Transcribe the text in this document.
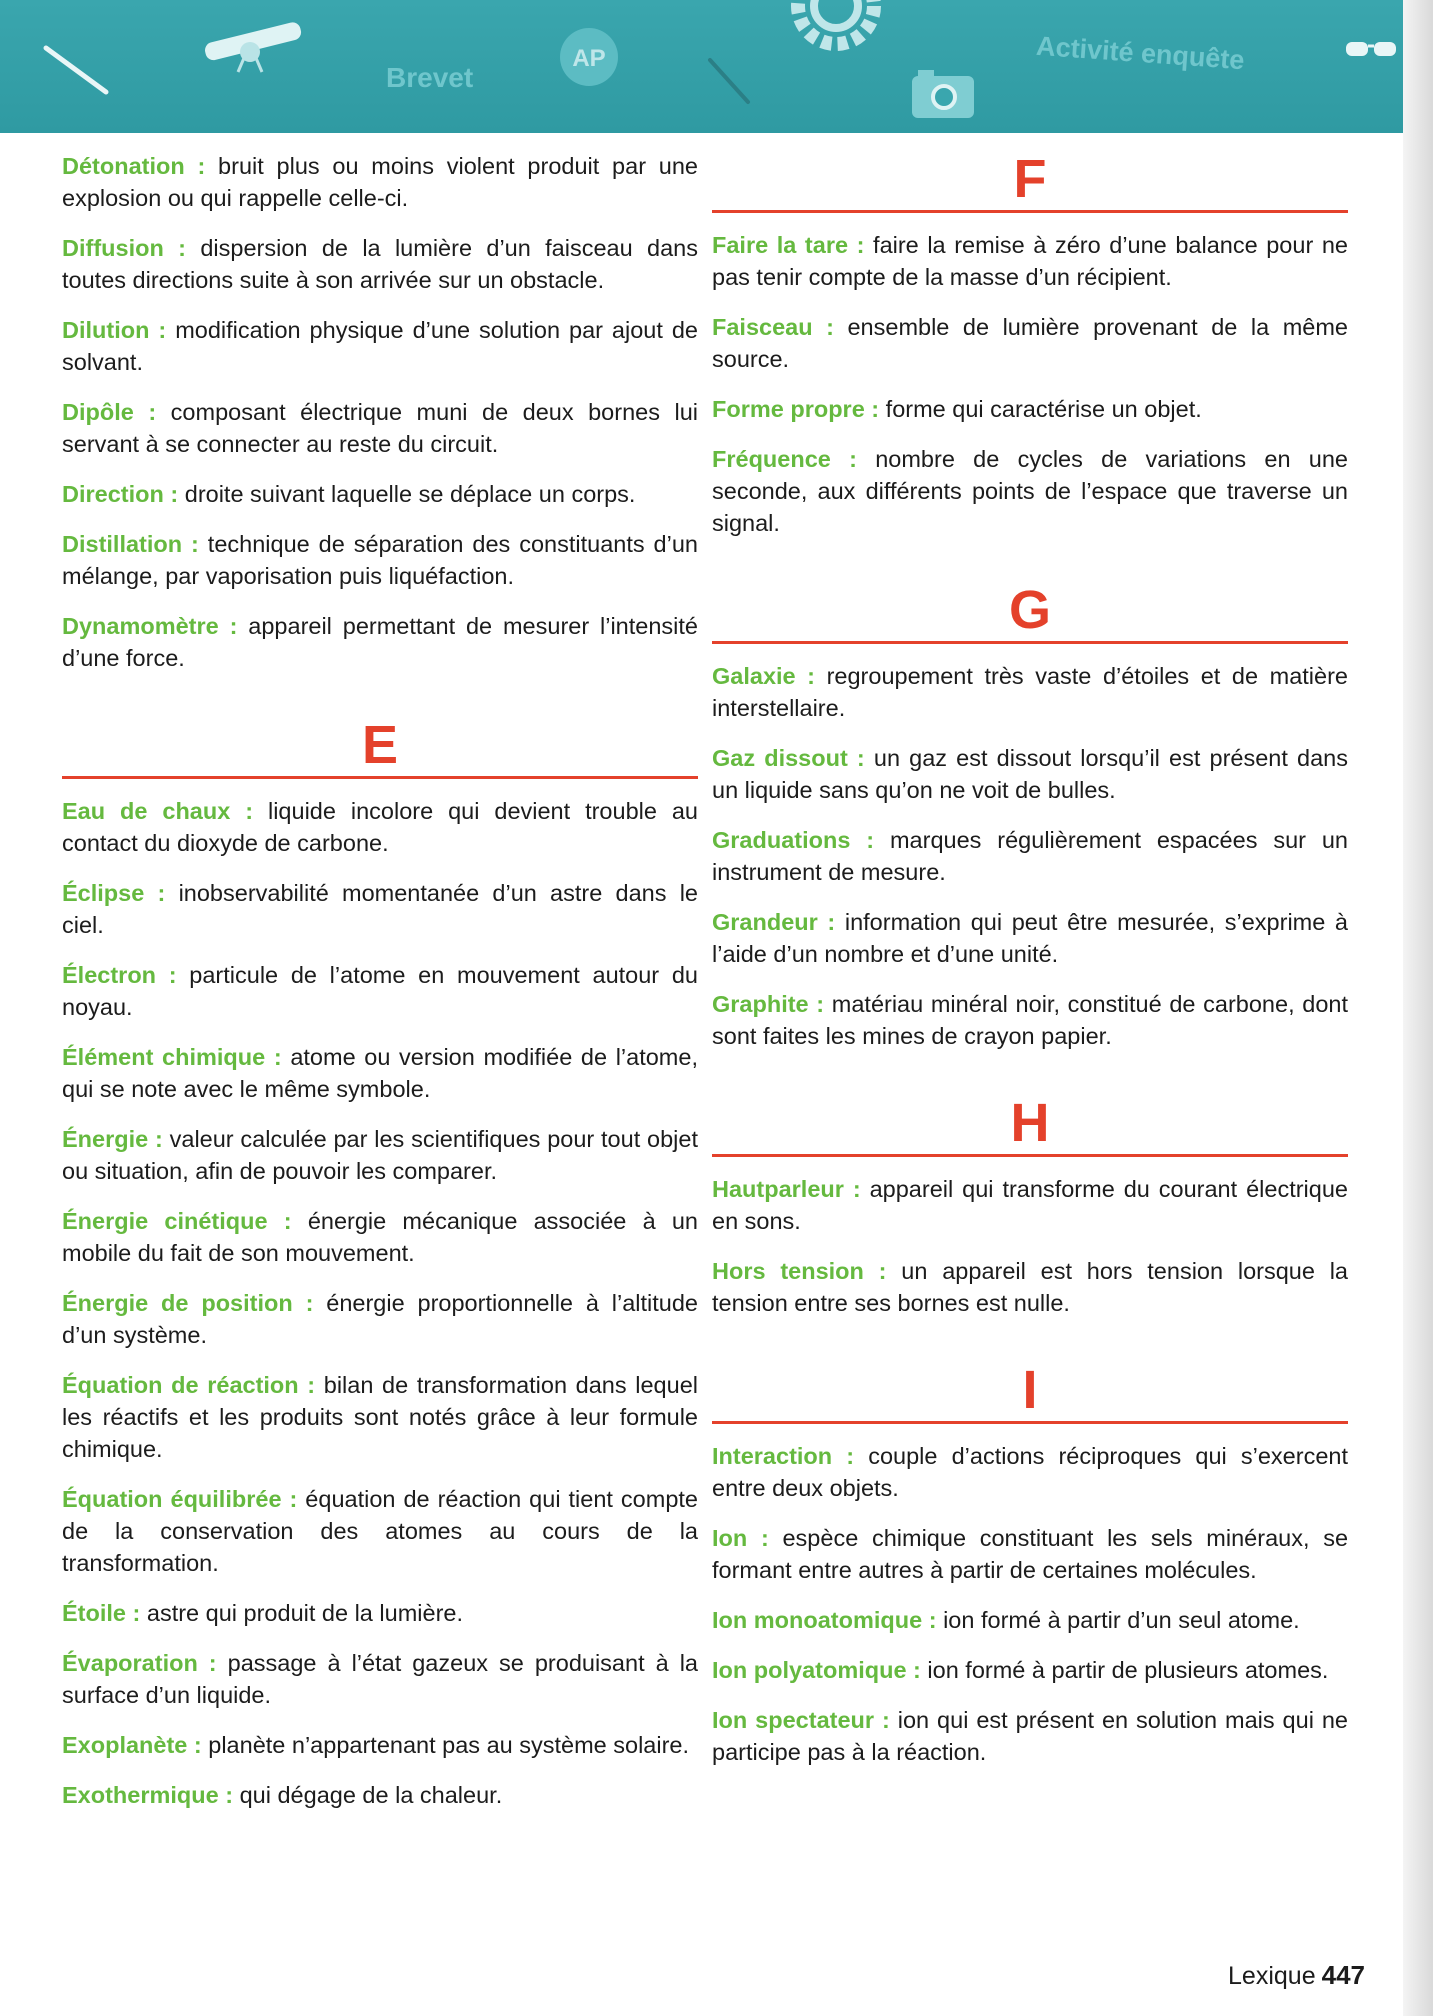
Brevet
AP	Activité enquête

Détonation : bruit plus ou moins violent produit par une explosion ou qui rappelle celle-ci.

Diffusion : dispersion de la lumière d’un faisceau dans toutes directions suite à son arrivée sur un obstacle.

Dilution : modification physique d’une solution par ajout de solvant.

Dipôle : composant électrique muni de deux bornes lui servant à se connecter au reste du circuit.

Direction : droite suivant laquelle se déplace un corps.

Distillation : technique de séparation des constituants d’un mélange, par vaporisation puis liquéfaction.

Dynamomètre : appareil permettant de mesurer l’intensité d’une force.

E

Eau de chaux : liquide incolore qui devient trouble au contact du dioxyde de carbone.

Éclipse : inobservabilité momentanée d’un astre dans le ciel.

Électron : particule de l’atome en mouvement autour du noyau.

Élément chimique : atome ou version modifiée de l’atome, qui se note avec le même symbole.

Énergie : valeur calculée par les scientifiques pour tout objet ou situation, afin de pouvoir les comparer.

Énergie cinétique : énergie mécanique associée à un mobile du fait de son mouvement.

Énergie de position : énergie proportionnelle à l’altitude d’un système.

Équation de réaction : bilan de transformation dans lequel les réactifs et les produits sont notés grâce à leur formule chimique.

Équation équilibrée : équation de réaction qui tient compte de la conservation des atomes au cours de la transformation.

Étoile : astre qui produit de la lumière.

Évaporation : passage à l’état gazeux se produisant à la surface d’un liquide.

Exoplanète : planète n’appartenant pas au système solaire.

Exothermique : qui dégage de la chaleur.

F

Faire la tare : faire la remise à zéro d’une balance pour ne pas tenir compte de la masse d’un récipient.

Faisceau : ensemble de lumière provenant de la même source.

Forme propre : forme qui caractérise un objet.

Fréquence : nombre de cycles de variations en une seconde, aux différents points de l’espace que traverse un signal.

G

Galaxie : regroupement très vaste d’étoiles et de matière interstellaire.

Gaz dissout : un gaz est dissout lorsqu’il est présent dans un liquide sans qu’on ne voit de bulles.

Graduations : marques régulièrement espacées sur un instrument de mesure.

Grandeur : information qui peut être mesurée, s’exprime à l’aide d’un nombre et d’une unité.

Graphite : matériau minéral noir, constitué de carbone, dont sont faites les mines de crayon papier.

H

Hautparleur : appareil qui transforme du courant électrique en sons.

Hors tension : un appareil est hors tension lorsque la tension entre ses bornes est nulle.

I

Interaction : couple d’actions réciproques qui s’exercent entre deux objets.

Ion : espèce chimique constituant les sels minéraux, se formant entre autres à partir de certaines molécules.

Ion monoatomique : ion formé à partir d’un seul atome.

Ion polyatomique : ion formé à partir de plusieurs atomes.

Ion spectateur : ion qui est présent en solution mais qui ne participe pas à la réaction.

Lexique 447
